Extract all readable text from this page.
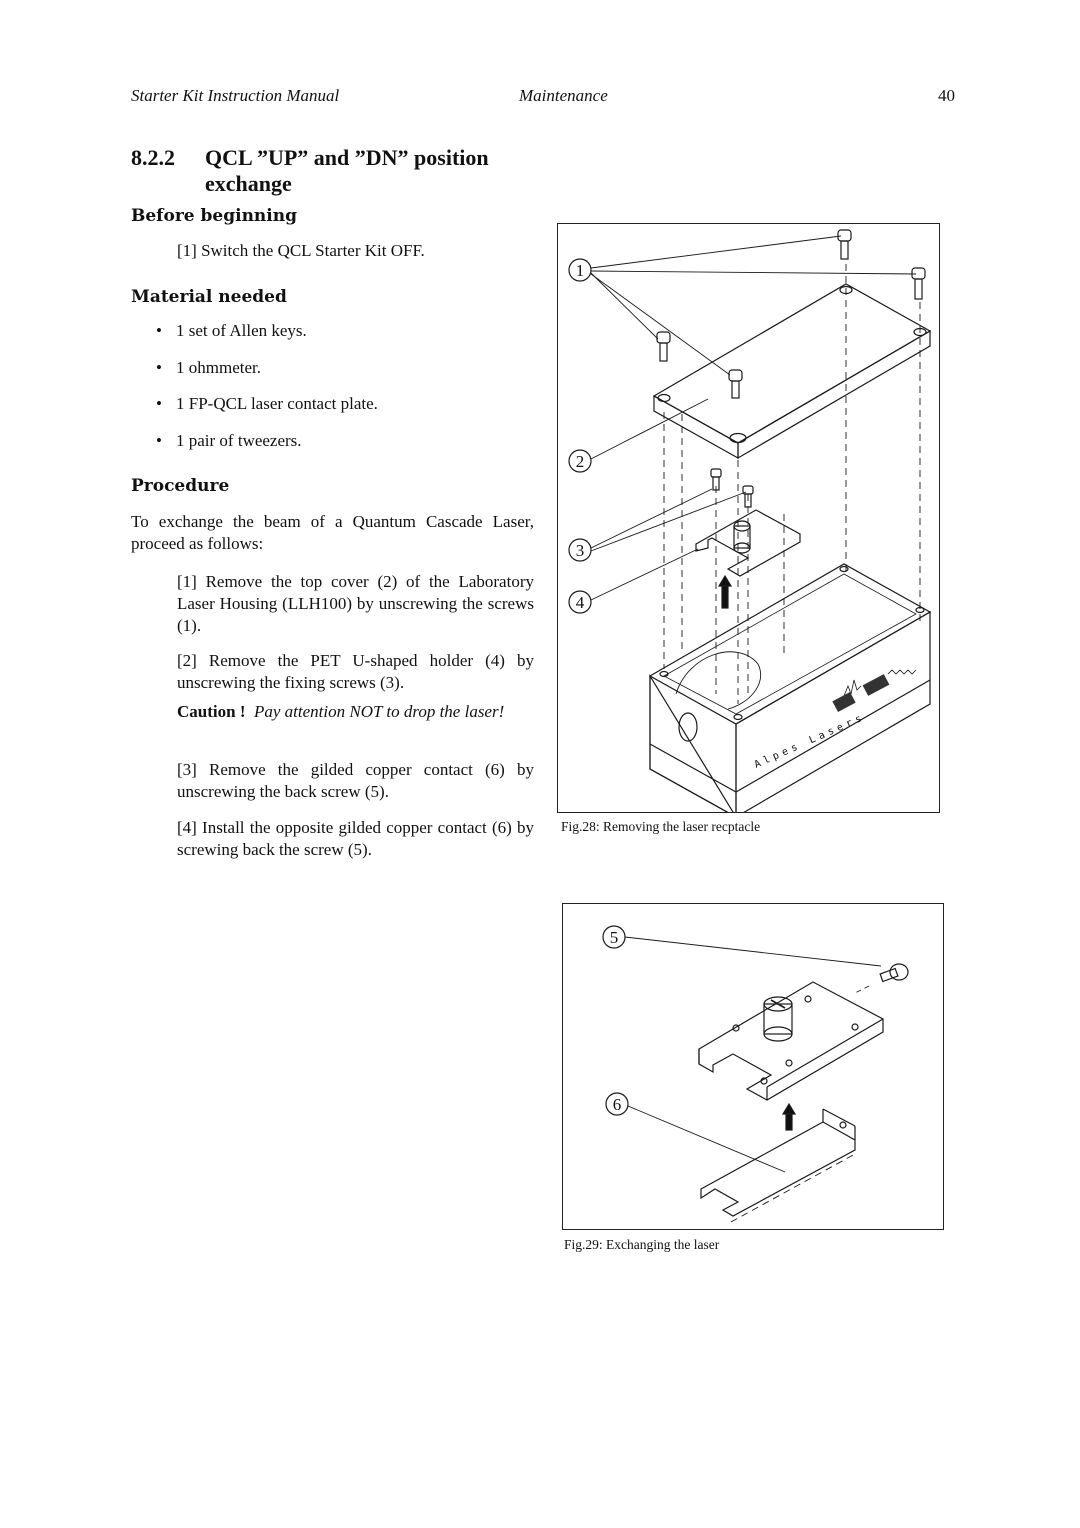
Starter Kit Instruction Manual	Maintenance	40
8.2.2 QCL ”UP” and ”DN” position exchange
Before beginning
[1] Switch the QCL Starter Kit OFF.
Material needed
• 1 set of Allen keys.
• 1 ohmmeter.
• 1 FP-QCL laser contact plate.
• 1 pair of tweezers.
Procedure
To exchange the beam of a Quantum Cascade Laser, proceed as follows:
[1] Remove the top cover (2) of the Laboratory Laser Housing (LLH100) by unscrewing the screws (1).
[2] Remove the PET U-shaped holder (4) by unscrewing the fixing screws (3).
Caution ! Pay attention NOT to drop the laser!
[3] Remove the gilded copper contact (6) by unscrewing the back screw (5).
[4] Install the opposite gilded copper contact (6) by screwing back the screw (5).
1
2
3
4
Alpes Lasers
Fig.28: Removing the laser recptacle
5
6
Fig.29: Exchanging the laser
